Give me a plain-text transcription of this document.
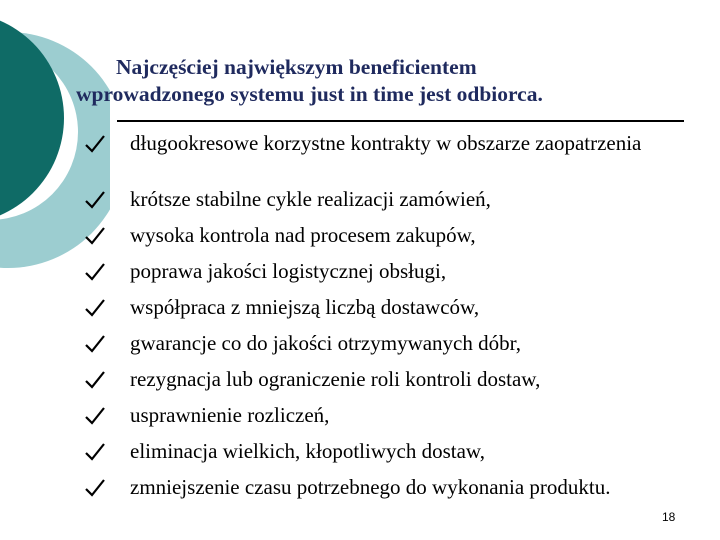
Najczęściej największym beneficientem
wprowadzonego systemu just in time jest odbiorca.
długookresowe korzystne kontrakty w obszarze zaopatrzenia
krótsze stabilne cykle realizacji zamówień,
wysoka kontrola nad procesem zakupów,
poprawa jakości logistycznej obsługi,
współpraca z mniejszą liczbą dostawców,
gwarancje co do jakości otrzymywanych dóbr,
rezygnacja lub ograniczenie roli kontroli dostaw,
usprawnienie rozliczeń,
eliminacja wielkich, kłopotliwych dostaw,
zmniejszenie czasu potrzebnego do wykonania produktu.
18
